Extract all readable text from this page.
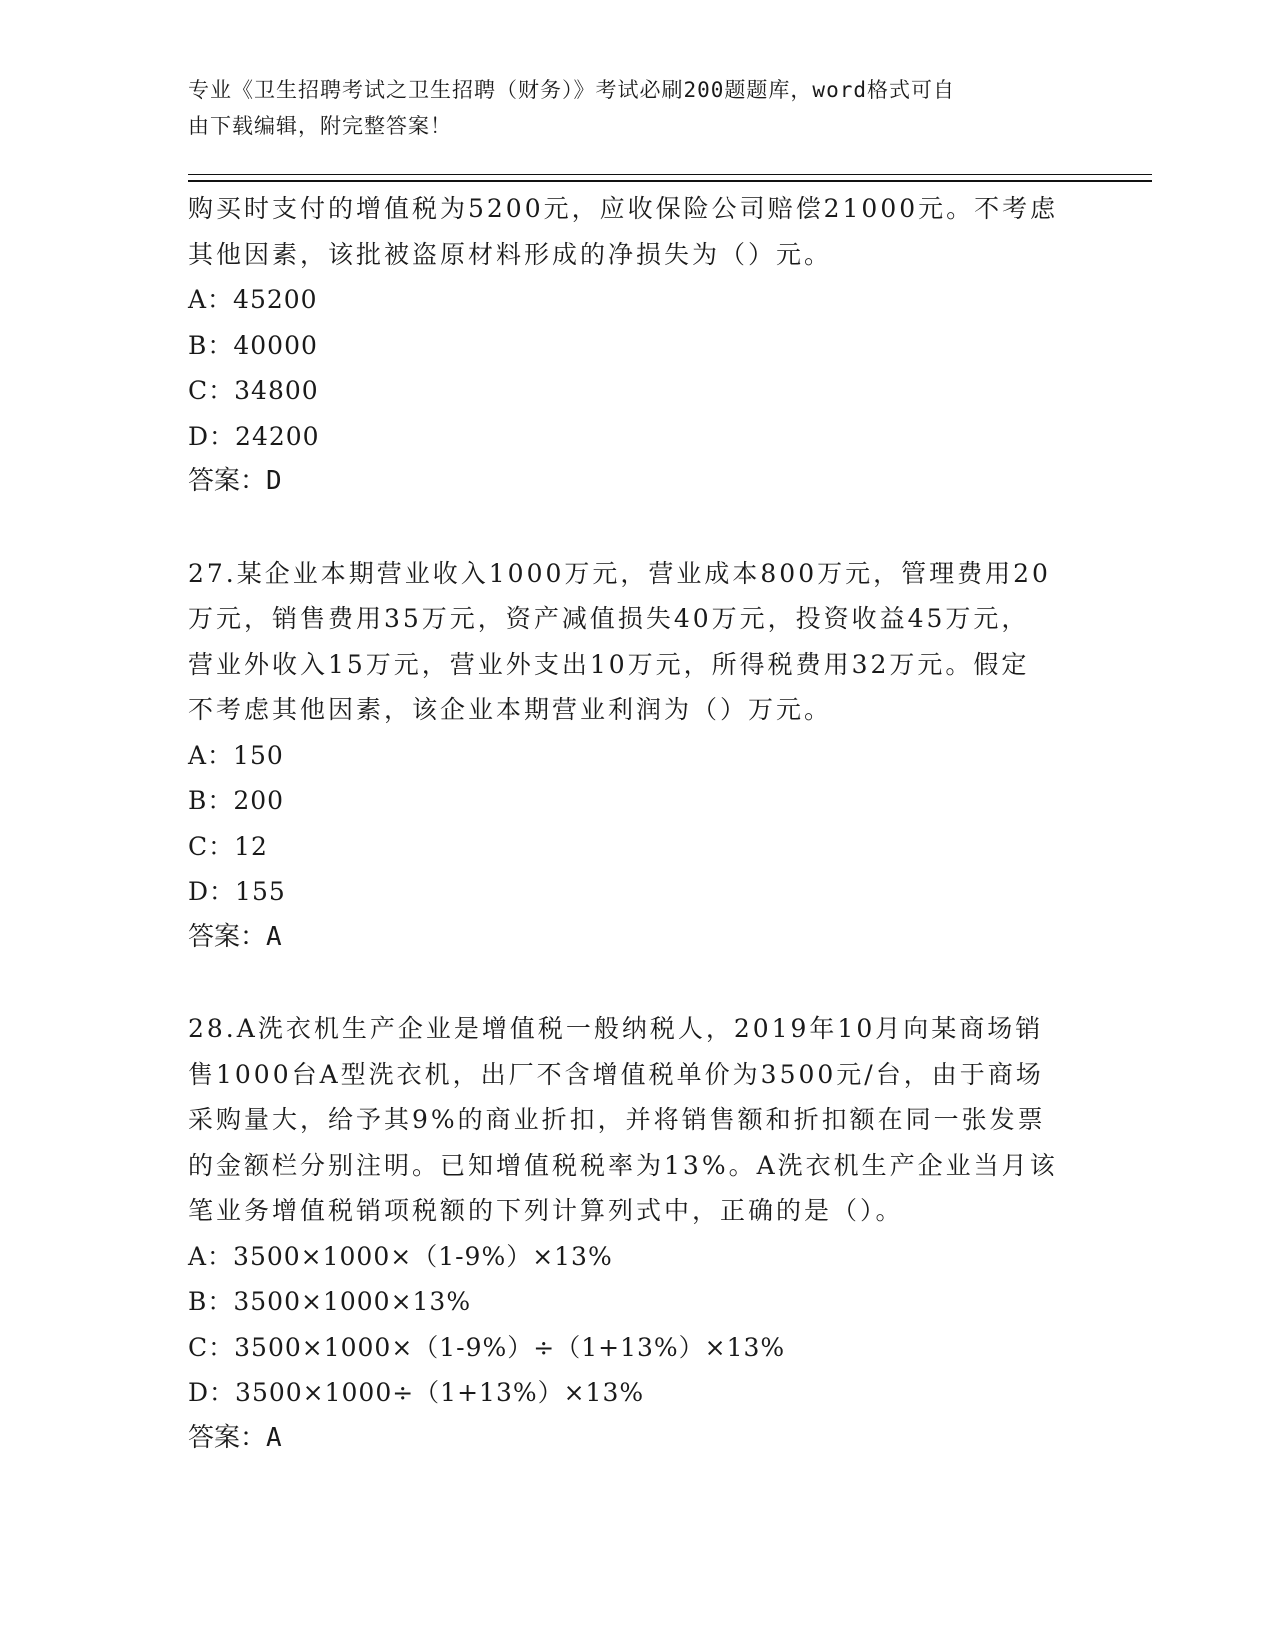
专业《卫生招聘考试之卫生招聘（财务）》考试必刷200题题库，word格式可自
由下载编辑，附完整答案！

购买时支付的增值税为5200元，应收保险公司赔偿21000元。不考虑

其他因素，该批被盗原材料形成的净损失为（）元。

A：45200

B：40000

C：34800

D：24200

答案：D

27.某企业本期营业收入1000万元，营业成本800万元，管理费用20

万元，销售费用35万元，资产减值损失40万元，投资收益45万元，

营业外收入15万元，营业外支出10万元，所得税费用32万元。假定

不考虑其他因素，该企业本期营业利润为（）万元。

A：150

B：200

C：12

D：155

答案：A

28.A洗衣机生产企业是增值税一般纳税人，2019年10月向某商场销

售1000台A型洗衣机，出厂不含增值税单价为3500元/台，由于商场

采购量大，给予其9%的商业折扣，并将销售额和折扣额在同一张发票

的金额栏分别注明。已知增值税税率为13%。A洗衣机生产企业当月该

笔业务增值税销项税额的下列计算列式中，正确的是（）。

A：3500×1000×（1-9%）×13%

B：3500×1000×13%

C：3500×1000×（1-9%）÷（1+13%）×13%

D：3500×1000÷（1+13%）×13%

答案：A
